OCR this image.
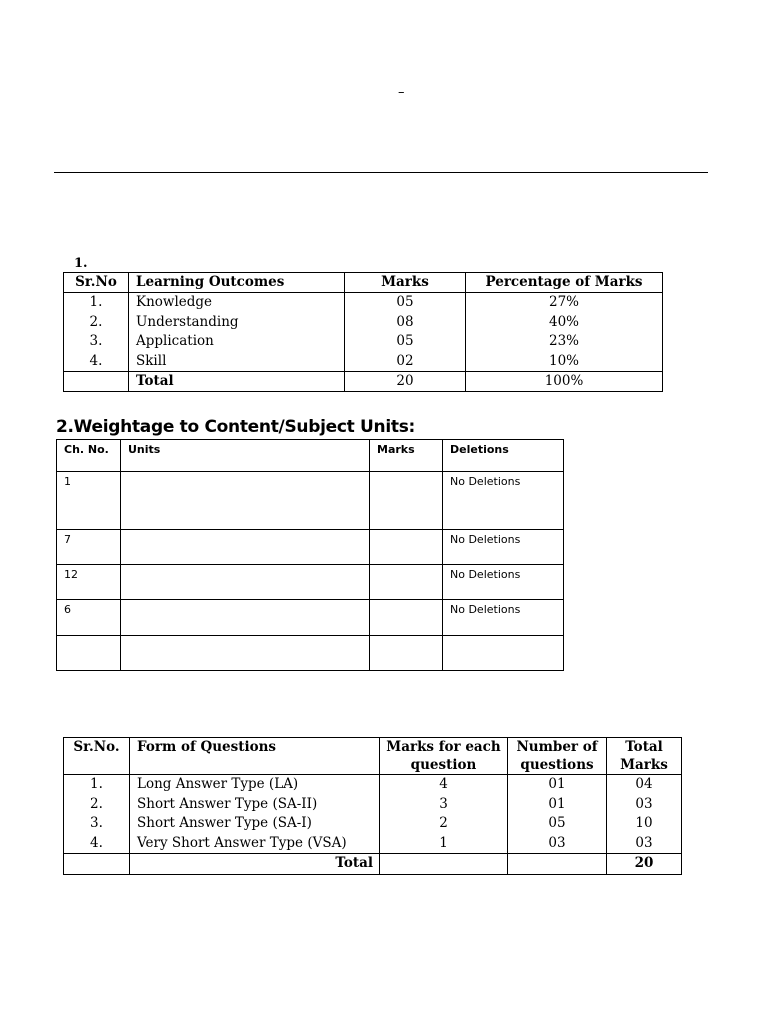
–
1.
Sr.No	Learning Outcomes	Marks	Percentage of Marks
1.	Knowledge	05	27%
2.	Understanding	08	40%
3.	Application	05	23%
4.	Skill	02	10%
	Total	20	100%
2.Weightage to Content/Subject Units:
Ch. No.	Units	Marks	Deletions
1			No Deletions
7			No Deletions
12			No Deletions
6			No Deletions

Sr.No.	Form of Questions	Marks for each question	Number of questions	Total Marks
1.	Long Answer Type (LA)	4	01	04
2.	Short Answer Type (SA-II)	3	01	03
3.	Short Answer Type (SA-I)	2	05	10
4.	Very Short Answer Type (VSA)	1	03	03
	Total			20
